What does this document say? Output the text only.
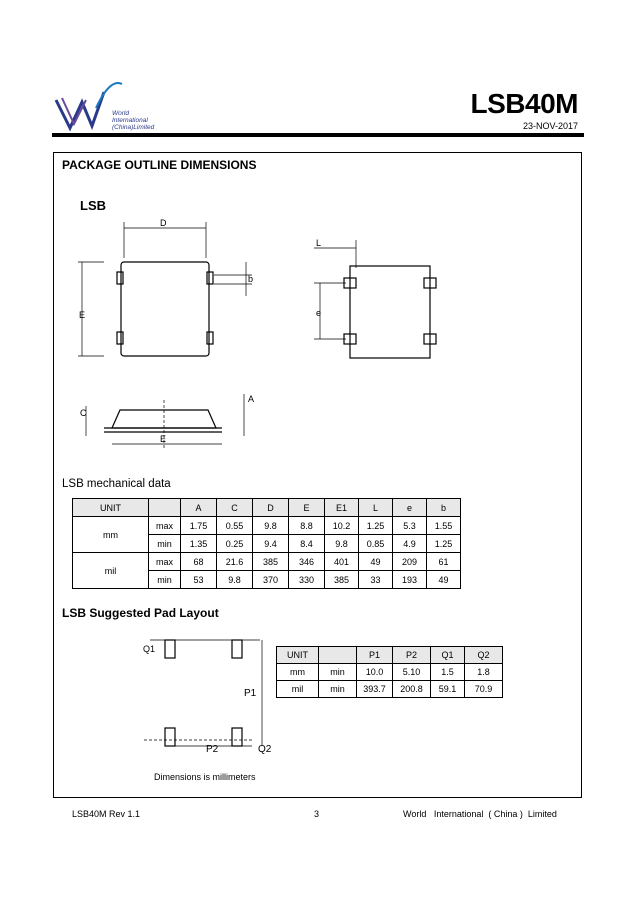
World
International
(China)Limited
LSB40M
23-NOV-2017
PACKAGE OUTLINE DIMENSIONS
LSB
D
E
b
L
e
C
A
E
Q1
P1
P2	Q2
LSB mechanical data
UNIT		A	C	D	E	E1	L	e	b
mm	max	1.75	0.55	9.8	8.8	10.2	1.25	5.3	1.55
	min	1.35	0.25	9.4	8.4	9.8	0.85	4.9	1.25
mil	max	68	21.6	385	346	401	49	209	61
	min	53	9.8	370	330	385	33	193	49
LSB Suggested Pad Layout
UNIT		P1	P2	Q1	Q2
mm	min	10.0	5.10	1.5	1.8
mil	min	393.7	200.8	59.1	70.9
Dimensions is millimeters
LSB40M Rev 1.1	3	World   International  ( China )  Limited
